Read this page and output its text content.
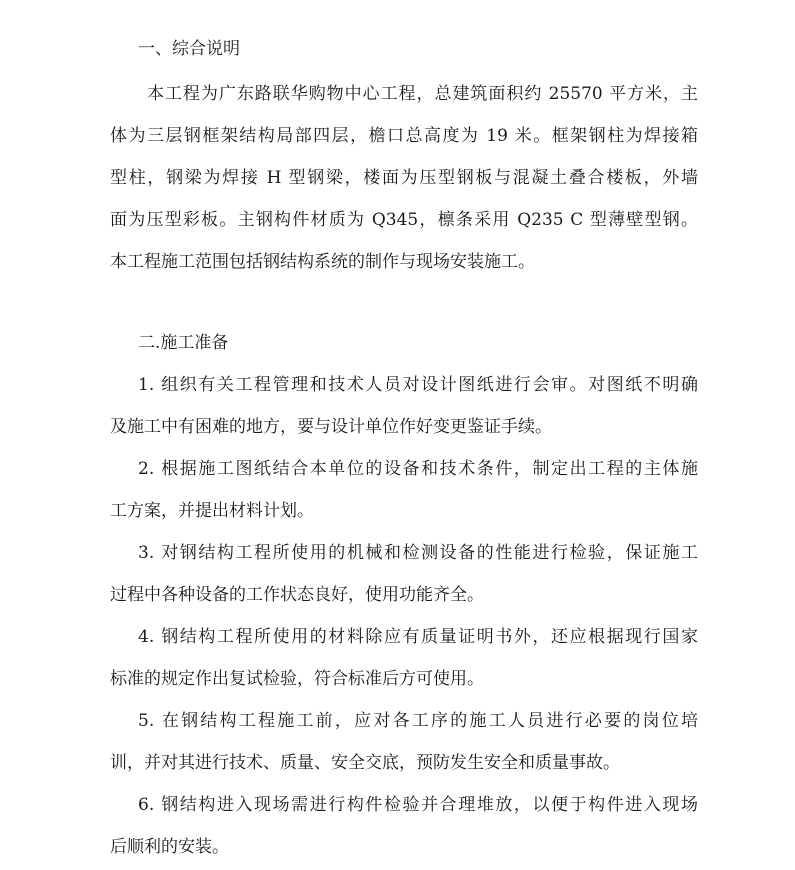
一、综合说明
本工程为广东路联华购物中心工程，总建筑面积约 25570 平方米，主
体为三层钢框架结构局部四层，檐口总高度为 19 米。框架钢柱为焊接箱
型柱，钢梁为焊接 H 型钢梁，楼面为压型钢板与混凝土叠合楼板，外墙
面为压型彩板。主钢构件材质为 Q345，檩条采用 Q235 C 型薄壁型钢。
本工程施工范围包括钢结构系统的制作与现场安装施工。
二.施工准备
1. 组织有关工程管理和技术人员对设计图纸进行会审。对图纸不明确
及施工中有困难的地方，要与设计单位作好变更鉴证手续。
2. 根据施工图纸结合本单位的设备和技术条件，制定出工程的主体施
工方案，并提出材料计划。
3. 对钢结构工程所使用的机械和检测设备的性能进行检验，保证施工
过程中各种设备的工作状态良好，使用功能齐全。
4. 钢结构工程所使用的材料除应有质量证明书外，还应根据现行国家
标准的规定作出复试检验，符合标准后方可使用。
5. 在钢结构工程施工前，应对各工序的施工人员进行必要的岗位培
训，并对其进行技术、质量、安全交底，预防发生安全和质量事故。
6. 钢结构进入现场需进行构件检验并合理堆放，以便于构件进入现场
后顺利的安装。
